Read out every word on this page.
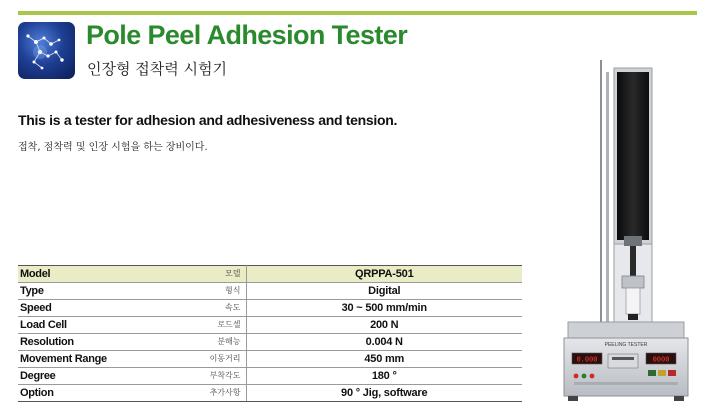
Pole Peel Adhesion Tester
인장형 접착력 시험기
This is a tester for adhesion and adhesiveness and tension.
접착, 점착력 및 인장 시험을 하는 장비이다.
Model	모델	QRPPA-501
Type	형식	Digital
Speed	속도	30 ~ 500 mm/min
Load Cell	로드셀	200 N
Resolution	분해능	0.004 N
Movement Range	이동거리	450 mm
Degree	부착각도	180 °
Option	추가사항	90 ° Jig, software
PEELING TESTER
0.000	0000
